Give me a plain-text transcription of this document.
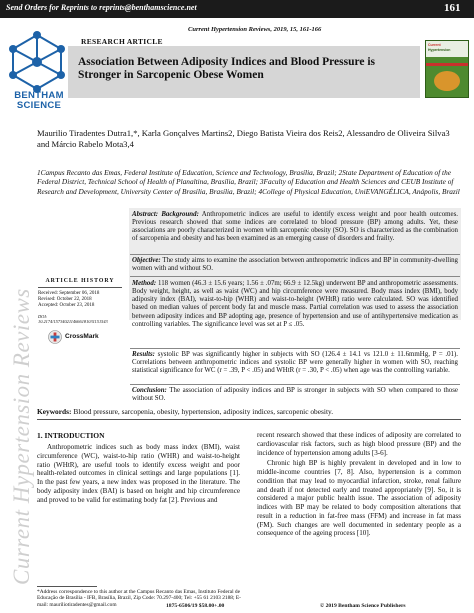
Send Orders for Reprints to reprints@benthamscience.net	161
Current Hypertension Reviews, 2019, 15, 161-166
BENTHAM
SCIENCE
RESEARCH ARTICLE
Association Between Adiposity Indices and Blood Pressure is Stronger in Sarcopenic Obese Women
Current
Hypertension
Maurilio Tiradentes Dutra1,*, Karla Gonçalves Martins2, Diego Batista Vieira dos Reis2, Alessandro de Oliveira Silva3 and Márcio Rabelo Mota3,4
1Campus Recanto das Emas, Federal Institute of Education, Science and Technology, Brasília, Brazil; 2State Department of Education of the Federal District, Technical School of Health of Planaltina, Brasília, Brazil; 3Faculty of Education and Health Sciences and CEUB Institute of Research and Development, University Center of Brasília, Brasília, Brazil; 4College of Physical Education, UniEVANGÉLICA, Anápolis, Brazil
Current Hypertension Reviews
ARTICLE HISTORY
Received: September 06, 2018
Revised: October 22, 2018
Accepted: October 23, 2018
DOI:
10.2174/1573402114666181031151543
CrossMark
Abstract: Background: Anthropometric indices are useful to identify excess weight and poor health outcomes. Previous research showed that some indices are correlated to blood pressure (BP) among adults. Yet, these associations are poorly characterized in women with sarcopenic obesity (SO). SO is characterized as the combination of sarcopenia and obesity and has been examined as an emerging cause of disorders and frailty.
Objective: The study aims to examine the association between anthropometric indices and BP in community-dwelling women with and without SO.
Method: 118 women (46.3 ± 15.6 years; 1.56 ± .07m; 66.9 ± 12.5kg) underwent BP and anthropometric assessments. Body weight, height, as well as waist (WC) and hip circumference were measured. Body mass index (BMI), body adiposity index (BAI), waist-to-hip (WHR) and waist-to-height (WHtR) ratio were calculated. SO was identified based on median values of percent body fat and muscle mass. Partial correlation was used to assess the association between adiposity indices and BP adopting age, presence of hypertension and use of antihypertensive medication as controlling variables. The significance level was set at P ≤ .05.
Results: systolic BP was significantly higher in subjects with SO (126.4 ± 14.1 vs 121.0 ± 11.6mmHg, P = .01). Correlations between anthropometric indices and systolic BP were generally higher in women with SO, reaching statistical significance for WC (r = .39, P < .05) and WHtR (r = .30, P < .05) when age was the controlling variable.
Conclusion: The association of adiposity indices and BP is stronger in subjects with SO when compared to those without SO.
Keywords: Blood pressure, sarcopenia, obesity, hypertension, adiposity indices, sarcopenic obesity.
1. INTRODUCTION
Anthropometric indices such as body mass index (BMI), waist circumference (WC), waist-to-hip ratio (WHR) and waist-to-height ratio (WHtR), are useful tools to identify excess weight and poor health-related outcomes in clinical settings and large populations [1]. In the past few years, a new index was proposed in the literature. The body adiposity index (BAI) is based on height and hip circumference and proved to be valid for estimating body fat [2]. Previous and
recent research showed that these indices of adiposity are correlated to cardiovascular risk factors, such as high blood pressure (BP) and the incidence of hypertension among adults [3-6].
Chronic high BP is highly prevalent in developed and in low to middle-income countries [7, 8]. Also, hypertension is a common condition that may lead to myocardial infarction, stroke, renal failure and death if not detected early and treated appropriately [9]. So, it is considered a major public health issue. The association of adiposity indices with BP may be related to body composition alterations that result in a reduction in fat-free mass (FFM) and increase in fat mass (FM). Such changes are well documented in sedentary people as a consequence of the ageing process [10].
*Address correspondence to this author at the Campus Recanto das Emas, Instituto Federal de Educação de Brasília - IFB, Brasília, Brazil, Zip Code: 70.297-400; Tel: +55 61 2103 2188; E-mail: mauriliotiradentes@gmail.com	1875-6506/19 $58.00+.00	© 2019 Bentham Science Publishers
